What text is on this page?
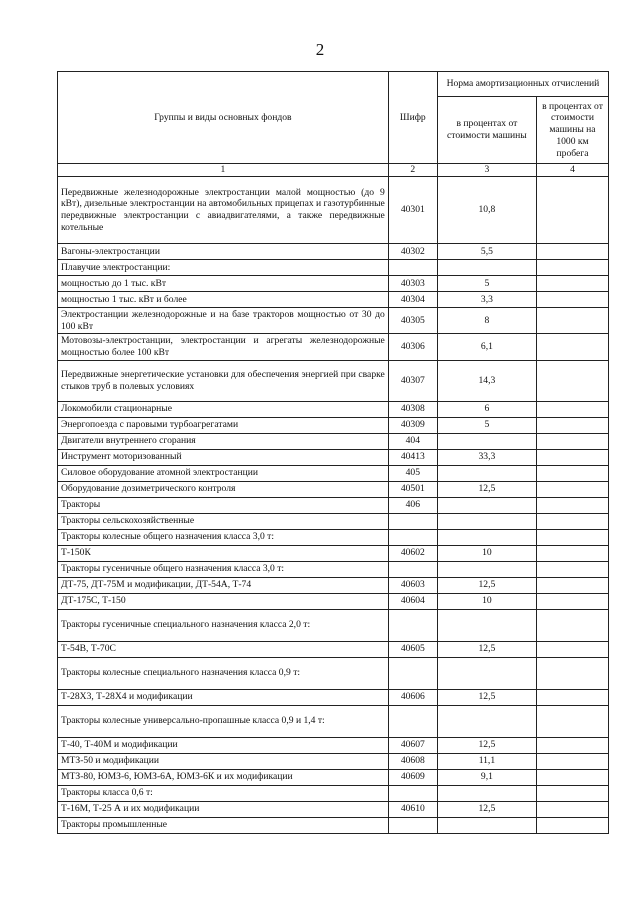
2
Группы и виды основных фондов	Шифр	Норма амортизационных отчислений	
		в процентах от стоимости машины	в процентах от стоимости машины на 1000 км пробега
1	2	3	4
Передвижные железнодорожные электростанции малой мощностью (до 9 кВт), дизельные электростанции на автомобильных прицепах и газотурбинные передвижные электростанции с авиадвигателями, а также передвижные котельные	40301	10,8	
Вагоны-электростанции	40302	5,5	
Плавучие электростанции:			
мощностью до 1 тыс. кВт	40303	5	
мощностью 1 тыс. кВт и более	40304	3,3	
Электростанции железнодорожные и на базе тракторов мощностью от 30 до 100 кВт	40305	8	
Мотовозы-электростанции, электростанции и агрегаты железнодорожные мощностью более 100 кВт	40306	6,1	
Передвижные энергетические установки для обеспечения энергией при сварке стыков труб в полевых условиях	40307	14,3	
Локомобили стационарные	40308	6	
Энергопоезда с паровыми турбоагрегатами	40309	5	
Двигатели внутреннего сгорания	404		
Инструмент моторизованный	40413	33,3	
Силовое оборудование атомной электростанции	405		
Оборудование дозиметрического контроля	40501	12,5	
Тракторы	406		
Тракторы сельскохозяйственные			
Тракторы колесные общего назначения класса 3,0 т:			
Т-150К	40602	10	
Тракторы гусеничные общего назначения класса 3,0 т:			
ДТ-75, ДТ-75М и модификации, ДТ-54А, Т-74	40603	12,5	
ДТ-175С, Т-150	40604	10	
Тракторы гусеничные специального назначения класса 2,0 т:			
Т-54В, Т-70С	40605	12,5	
Тракторы колесные специального назначения класса 0,9 т:			
Т-28Х3, Т-28Х4 и модификации	40606	12,5	
Тракторы колесные универсально-пропашные класса 0,9 и 1,4 т:			
Т-40, Т-40М и модификации	40607	12,5	
МТЗ-50 и модификации	40608	11,1	
МТЗ-80, ЮМЗ-6, ЮМЗ-6А, ЮМЗ-6К и их модификации	40609	9,1	
Тракторы класса 0,6 т:			
Т-16М, Т-25 А и их модификации	40610	12,5	
Тракторы промышленные			
